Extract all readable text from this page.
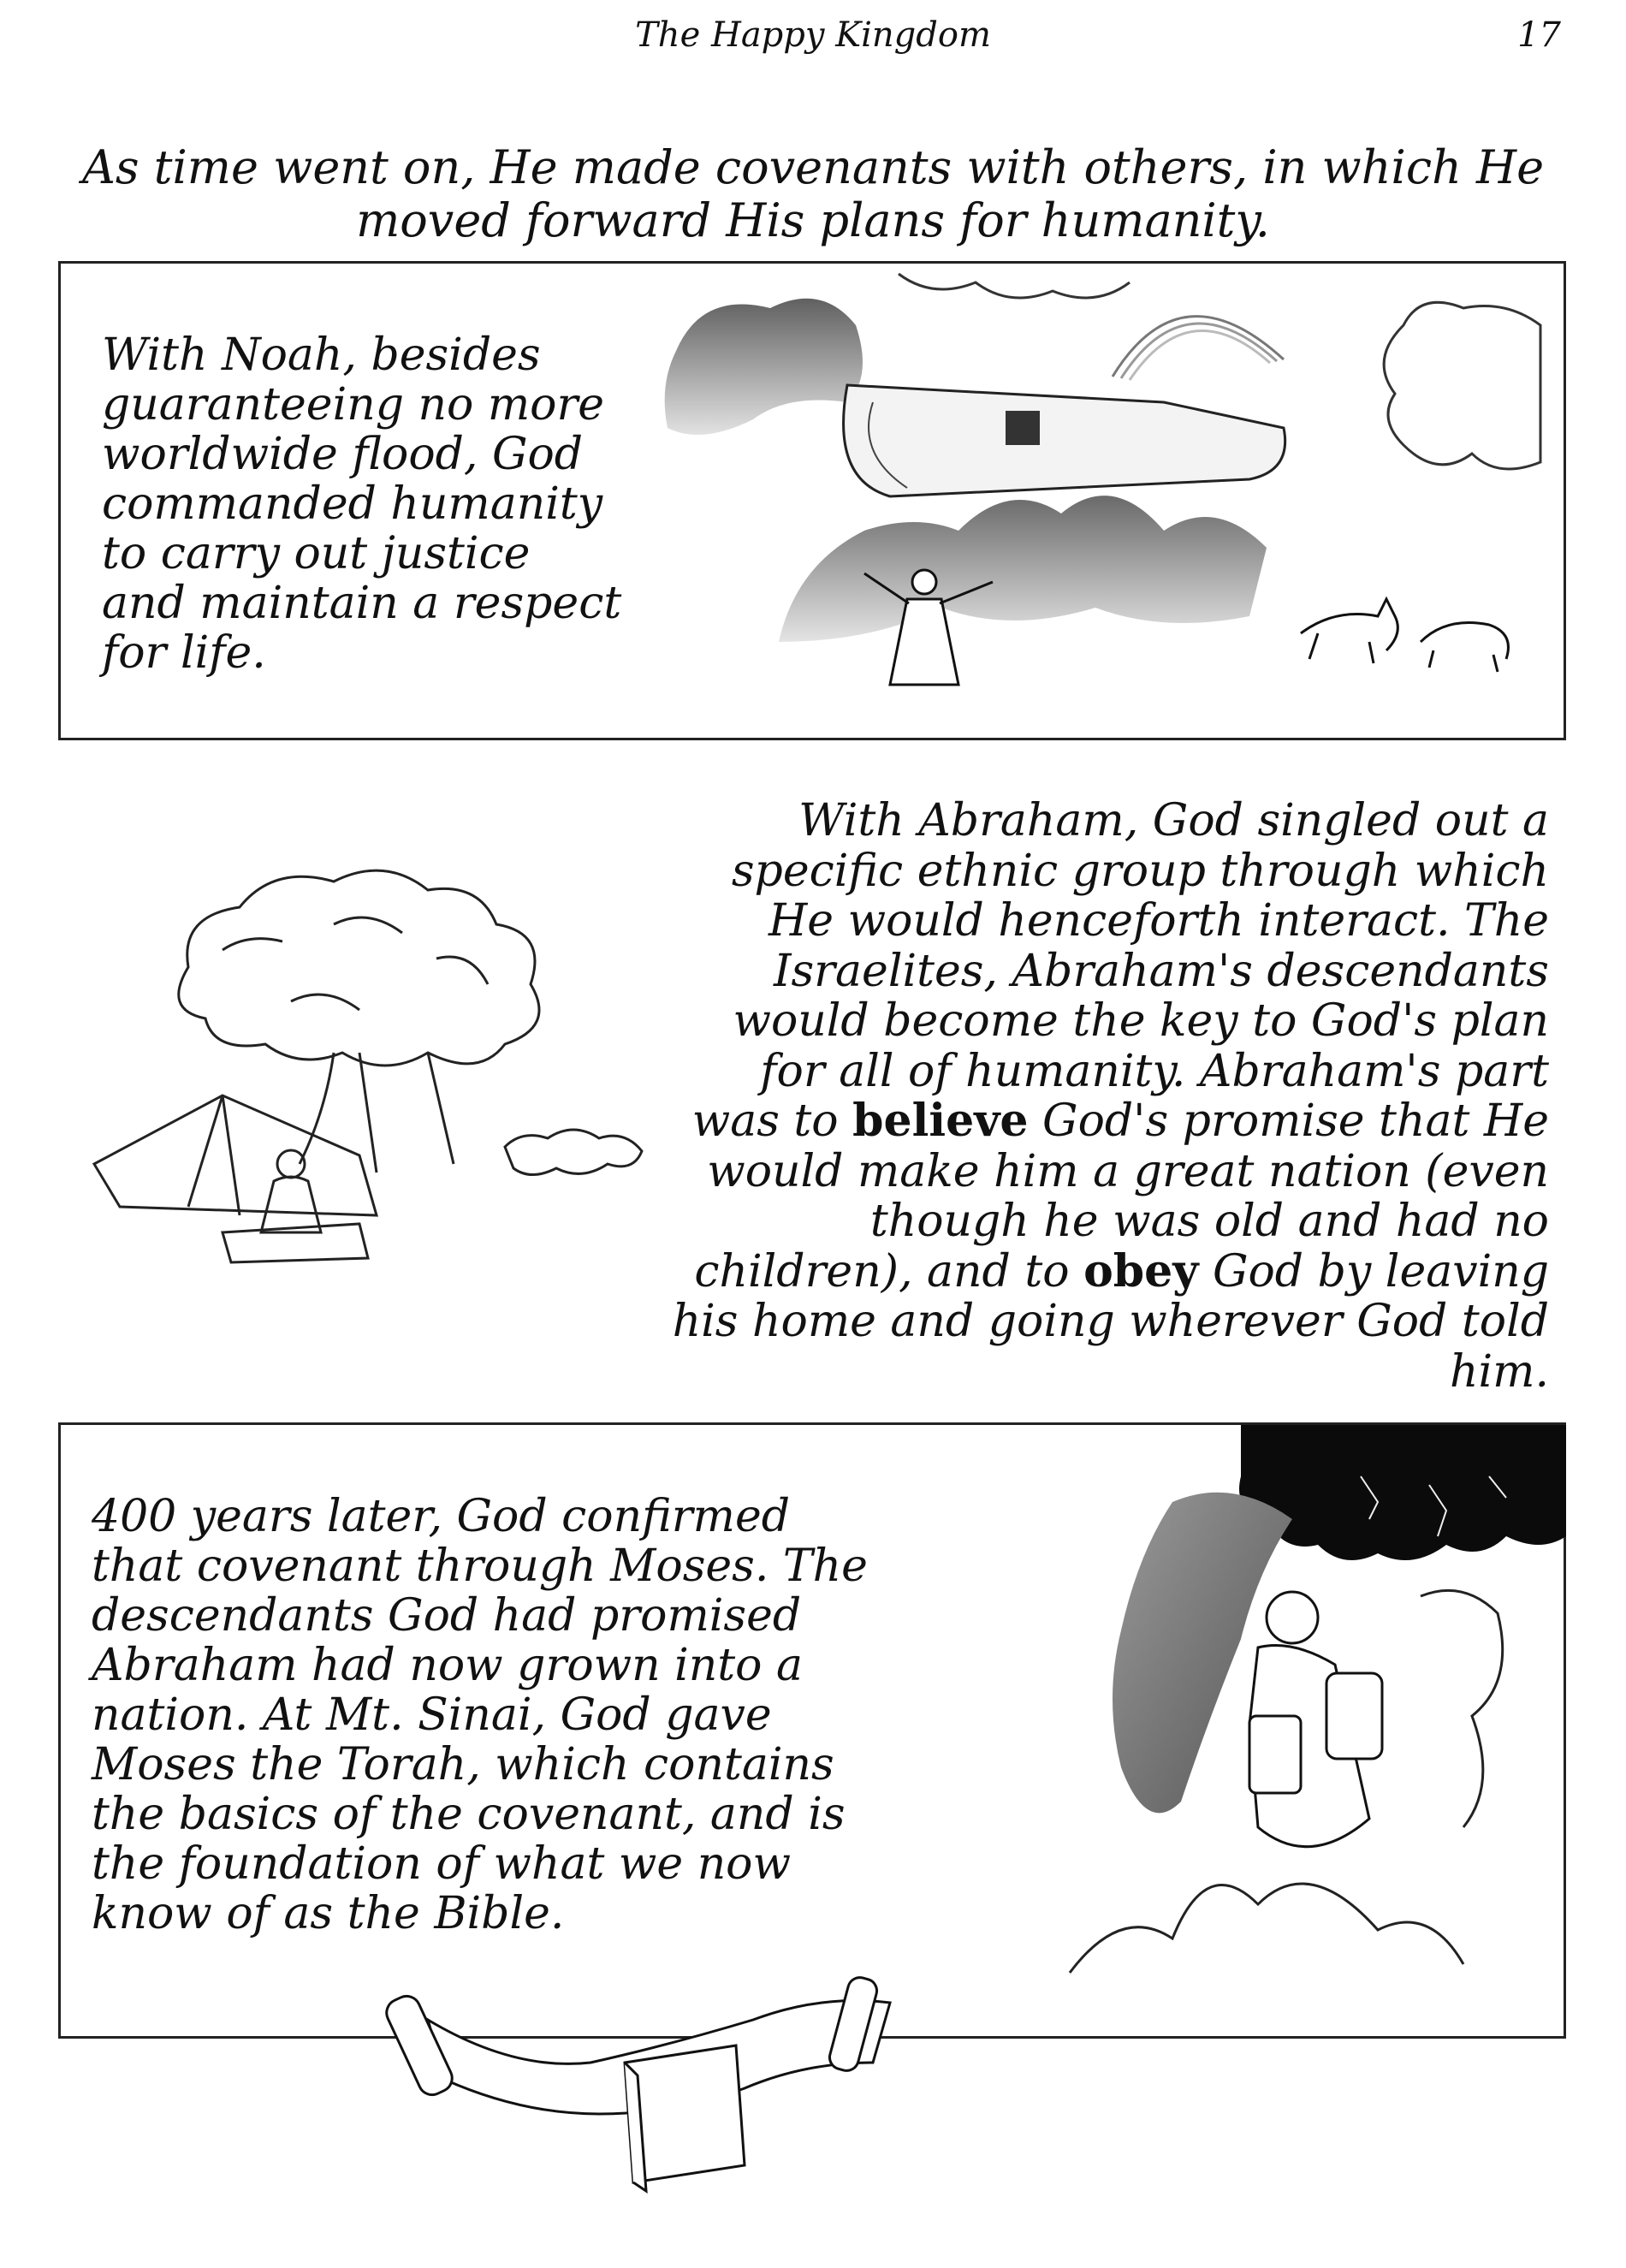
The Happy Kingdom	17
As time went on, He made covenants with others, in which He moved forward His plans for humanity.
With Noah, besides
guaranteeing no more
worldwide flood, God
commanded humanity
to carry out justice
and maintain a respect
for life.
With Abraham, God singled out a specific ethnic group through which He would henceforth interact. The Israelites, Abraham's descendants would become the key to God's plan for all of humanity. Abraham's part was to believe God's promise that He would make him a great nation (even though he was old and had no children), and to obey God by leaving his home and going wherever God told him.
400 years later, God confirmed
that covenant through Moses. The
descendants God had promised
Abraham had now grown into a
nation. At Mt. Sinai, God gave
Moses the Torah, which contains
the basics of the covenant, and is
the foundation of what we now
know of as the Bible.
